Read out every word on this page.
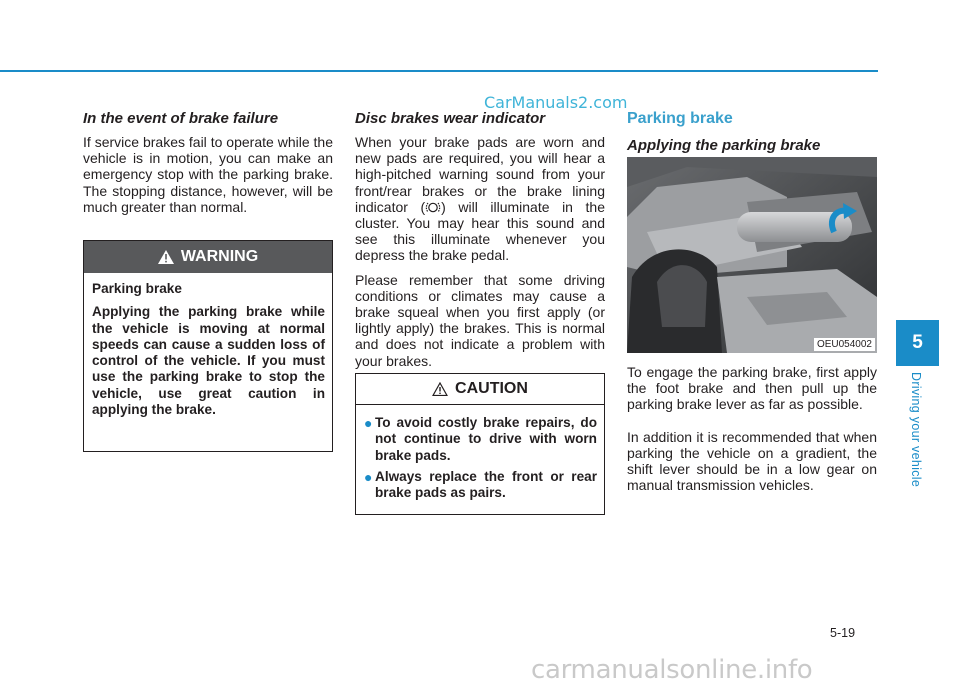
CarManuals2.com
In the event of brake failure

If service brakes fail to operate while the vehicle is in motion, you can make an emergency stop with the parking brake. The stopping distance, however, will be much greater than normal.

WARNING

Parking brake

Applying the parking brake while the vehicle is moving at normal speeds can cause a sudden loss of control of the vehicle. If you must use the parking brake to stop the vehicle, use great caution in applying the brake.

Disc brakes wear indicator

When your brake pads are worn and new pads are required, you will hear a high-pitched warning sound from your front/rear brakes or the brake lining indicator ( ) will illuminate in the cluster. You may hear this sound and see this illuminate whenever you depress the brake pedal.

Please remember that some driving conditions or climates may cause a brake squeal when you first apply (or lightly apply) the brakes. This is normal and does not indicate a problem with your brakes.

CAUTION
● To avoid costly brake repairs, do not continue to drive with worn brake pads.
● Always replace the front or rear brake pads as pairs.
Parking brake
Applying the parking brake
OEU054002

To engage the parking brake, first apply the foot brake and then pull up the parking brake lever as far as possible.

In addition it is recommended that when parking the vehicle on a gradient, the shift lever should be in a low gear on manual transmission vehicles.

5
Driving your vehicle
5-19
carmanualsonline.info
